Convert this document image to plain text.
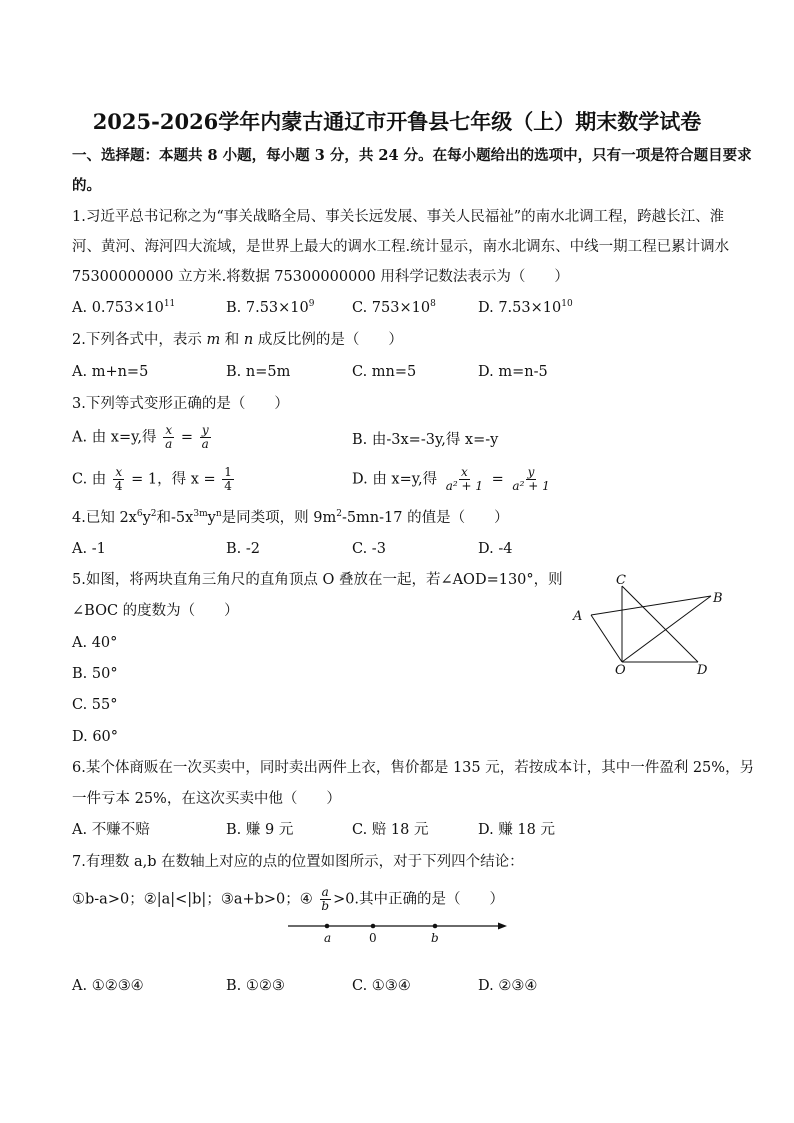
2025-2026学年内蒙古通辽市开鲁县七年级（上）期末数学试卷
一、选择题：本题共 8 小题，每小题 3 分，共 24 分。在每小题给出的选项中，只有一项是符合题目要求
的。
1.习近平总书记称之为“事关战略全局、事关长远发展、事关人民福祉”的南水北调工程，跨越长江、淮
河、黄河、海河四大流域，是世界上最大的调水工程.统计显示，南水北调东、中线一期工程已累计调水
75300000000 立方米.将数据 75300000000 用科学记数法表示为（　　）
A. $0.753\times 10^{11}$	B. $7.53\times 10^9$	C. $753\times 10^8$	D. $7.53\times 10^{10}$
2.下列各式中，表示 m 和 n 成反比例的是（　　）
A. m+n=5	B. n=5m	C. mn=5	D. m=n-5
3.下列等式变形正确的是（　　）
A. 由 x=y,得 $\frac{x}{a} = \frac{y}{a}$	B. 由-3x=-3y,得 x=-y
C. 由 $\frac{x}{4} = 1$，得 $x = \frac{1}{4}$	D. 由 x=y,得 $\frac{x}{\text{a² + 1}} = \frac{y}{\text{a² + 1}}$
4.已知 $2x^6y^2$和$-5x^{3m}y^n$是同类项，则 $9m^2-5mn-17$ 的值是（　　）
A. -1	B. -2	C. -3	D. -4
5.如图，将两块直角三角尺的直角顶点 O 叠放在一起，若∠AOD=130°，则
∠BOC 的度数为（　　）
A. 40°
B. 50°
C. 55°
D. 60°
A
B
C
D
O
6.某个体商贩在一次买卖中，同时卖出两件上衣，售价都是 135 元，若按成本计，其中一件盈利 25%，另
一件亏本 25%，在这次买卖中他（　　）
A. 不赚不赔	B. 赚 9 元	C. 赔 18 元	D. 赚 18 元
7.有理数 a,b 在数轴上对应的点的位置如图所示，对于下列四个结论：
①b-a>0；②|a|<|b|；③a+b>0；④ $\frac{a}{b} >0$.其中正确的是（　　）
a	0	b
A. ①②③④	B. ①②③	C. ①③④	D. ②③④
